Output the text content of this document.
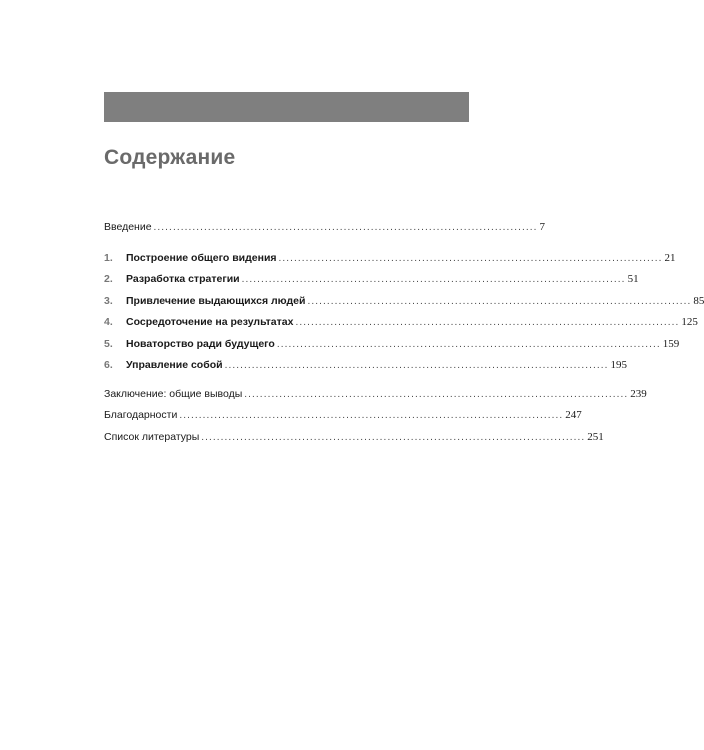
Содержание
Введение ................................................................................................... 7
1.	Построение общего видения ................................................................................................... 21
2.	Разработка стратегии ................................................................................................... 51
3.	Привлечение выдающихся людей ................................................................................................... 85
4.	Сосредоточение на результатах ................................................................................................... 125
5.	Новаторство ради будущего ................................................................................................... 159
6.	Управление собой ................................................................................................... 195
Заключение: общие выводы ................................................................................................... 239
Благодарности ................................................................................................... 247
Список литературы ................................................................................................... 251
